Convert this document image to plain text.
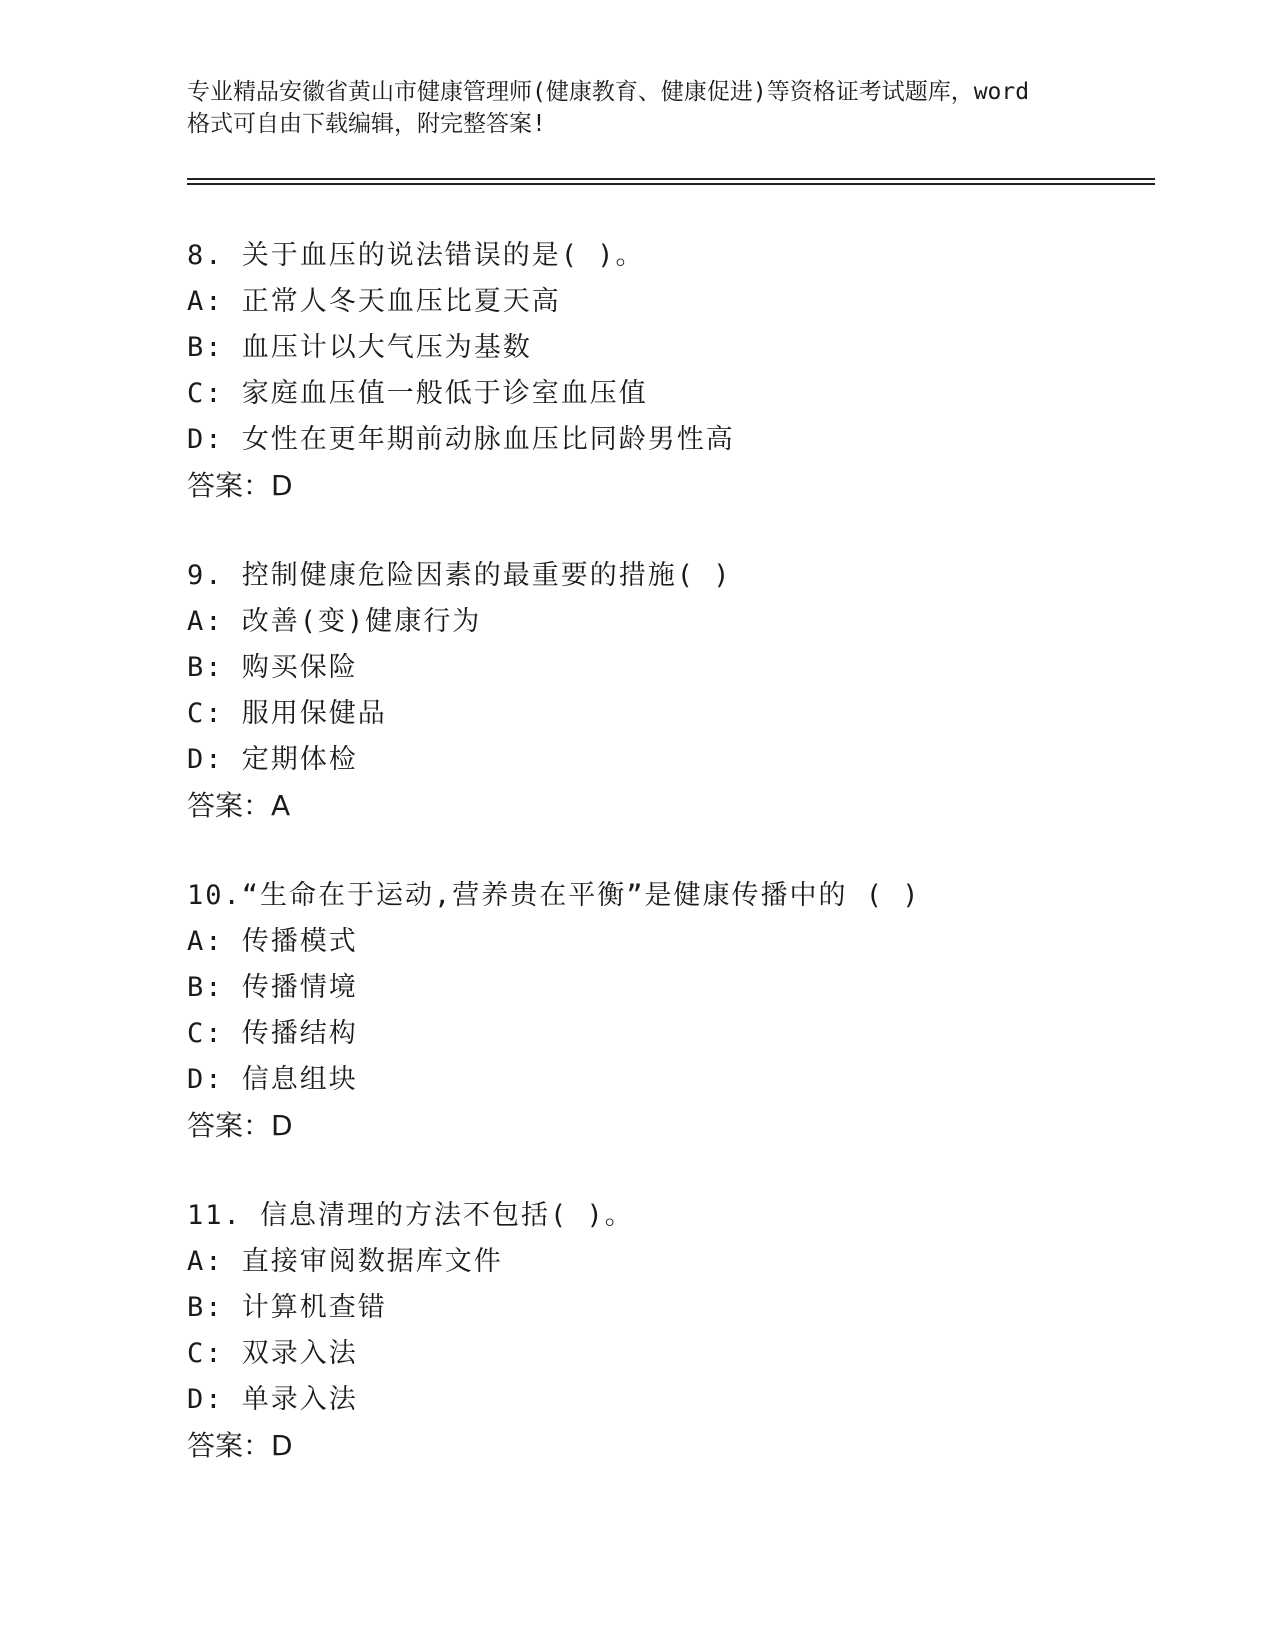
专业精品安徽省黄山市健康管理师(健康教育、健康促进)等资格证考试题库，word
格式可自由下载编辑，附完整答案!
8. 关于血压的说法错误的是( )。
A: 正常人冬天血压比夏天高
B: 血压计以大气压为基数
C: 家庭血压值一般低于诊室血压值
D: 女性在更年期前动脉血压比同龄男性高
答案：D
9. 控制健康危险因素的最重要的措施( )
A: 改善(变)健康行为
B: 购买保险
C: 服用保健品
D: 定期体检
答案：A
10.“生命在于运动,营养贵在平衡”是健康传播中的 ( )
A: 传播模式
B: 传播情境
C: 传播结构
D: 信息组块
答案：D
11. 信息清理的方法不包括( )。
A: 直接审阅数据库文件
B: 计算机查错
C: 双录入法
D: 单录入法
答案：D
